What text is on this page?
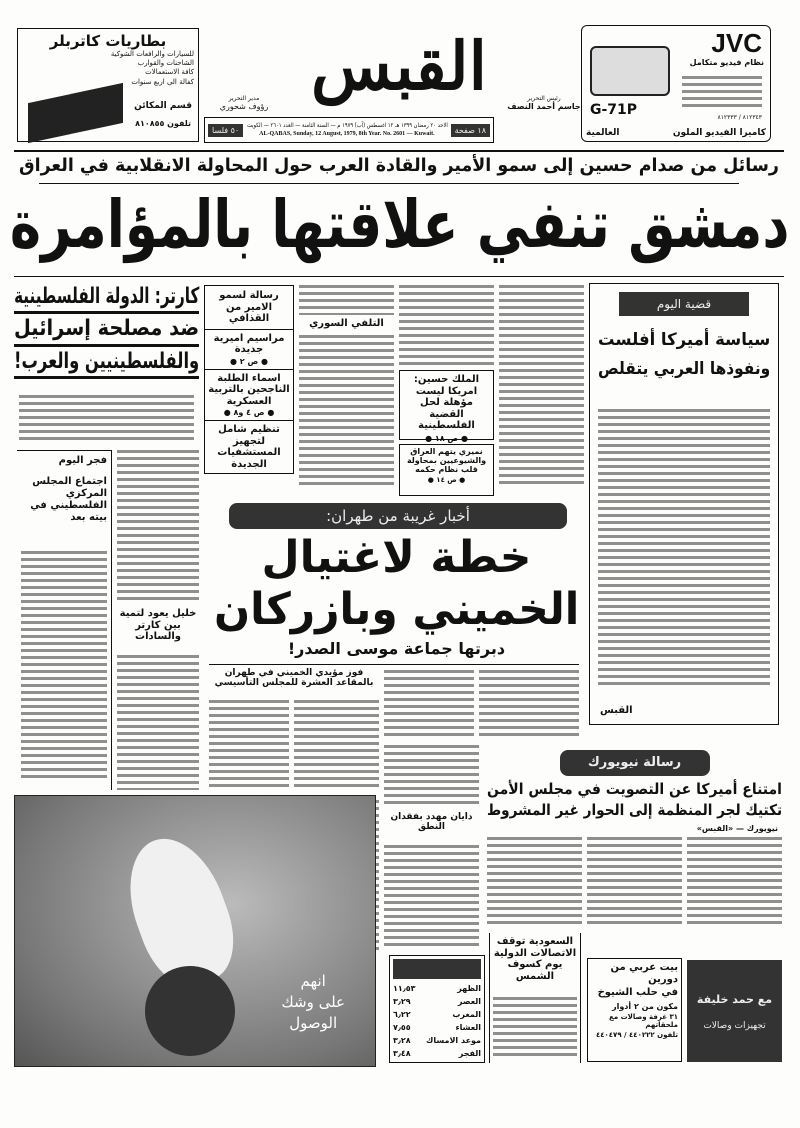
بطاريات كاتربلر
للسيارات والرافعات الشوكية
الشاحنات والقوارب
كافة الاستعمالات
كفالة الى اربع سنوات
قسم المكائن
تلفون ٨١٠٨٥٥
مدير التحرير
رؤوف شحوري
القبس	رئيس التحرير
جاسم أحمد النصف
١٨ صفحة
الاحد ٢٠ رمضان ١٣٩٩ هـ ١٢ اغسطس (آب) ١٩٧٩ م — السنة الثامنة — العدد ٢٦٠١ — الكويت
AL-QABAS, Sunday, 12 August, 1979, 8th Year. No. 2601 — Kuwait.
٥٠ فلسا
JVC
نظام فيديو متكامل
٨١٢٣٤٣ / ٨١٢٣٣٣
G-71P
كاميرا الفيديو الملون
العالمية
رسائل من صدام حسين إلى سمو الأمير والقادة العرب حول المحاولة الانقلابية في العراق
دمشق تنفي علاقتها بالمؤامرة
كارتر: الدولة الفلسطينية
ضد مصلحة إسرائيل
والفلسطينيين والعرب!
فجر اليوم
اجتماع المجلس المركزي الفلسطيني في بيته بعد
خليل يعود لتمية بين كارتر والسادات
رسالة لسمو الامير من القذافي
مراسيم اميرية جديدة
● ص ٢ ●
اسماء الطلبة الناجحين بالتربية العسكرية
● ص ٤ و٨ ●
تنظيم شامل لتجهيز المستشفيات الجديدة
التلفي السوري
الملك حسين: امريكا ليست مؤهلة لحل القضية الفلسطينية
● ص ١٨ ●
نميري يتهم العراق والشيوعيين بمحاولة قلب نظام حكمه
● ص ١٤ ●
أخبار غريبة من طهران:
خطة لاغتيال
الخميني وبازركان
دبرتها جماعة موسى الصدر!
فوز مؤيدي الخميني في طهران بالمقاعد العشرة للمجلس التأسيسي
قضية اليوم
سياسة أميركا أفلست
ونفوذها العربي يتقلص
القبس
رسالة نيويورك
امتناع أميركا عن التصويت في مجلس الأمن
تكتيك لجر المنظمة إلى الحوار غير المشروط
نيويورك — «القبس»
دايان مهدد بفقدان النطق
انهم
على وشك
الوصول
الظهر
١١٫٥٣
العصر
٣٫٢٩
المغرب
٦٫٢٢
العشاء
٧٫٥٥
موعد الامساك
٣٫٢٨
الفجر
٣٫٤٨
السعودية توقف الاتصالات الدولية يوم كسوف الشمس
بيت عربي من دورين
في حلب الشيوخ
مكون من ٢ أدوار
٣١ غرفة وصالات مع ملحقاتهم
تلفون ٤٤٠٢٢٢ / ٤٤٠٤٧٩
مع حمد خليفة
تجهيزات وصالات
